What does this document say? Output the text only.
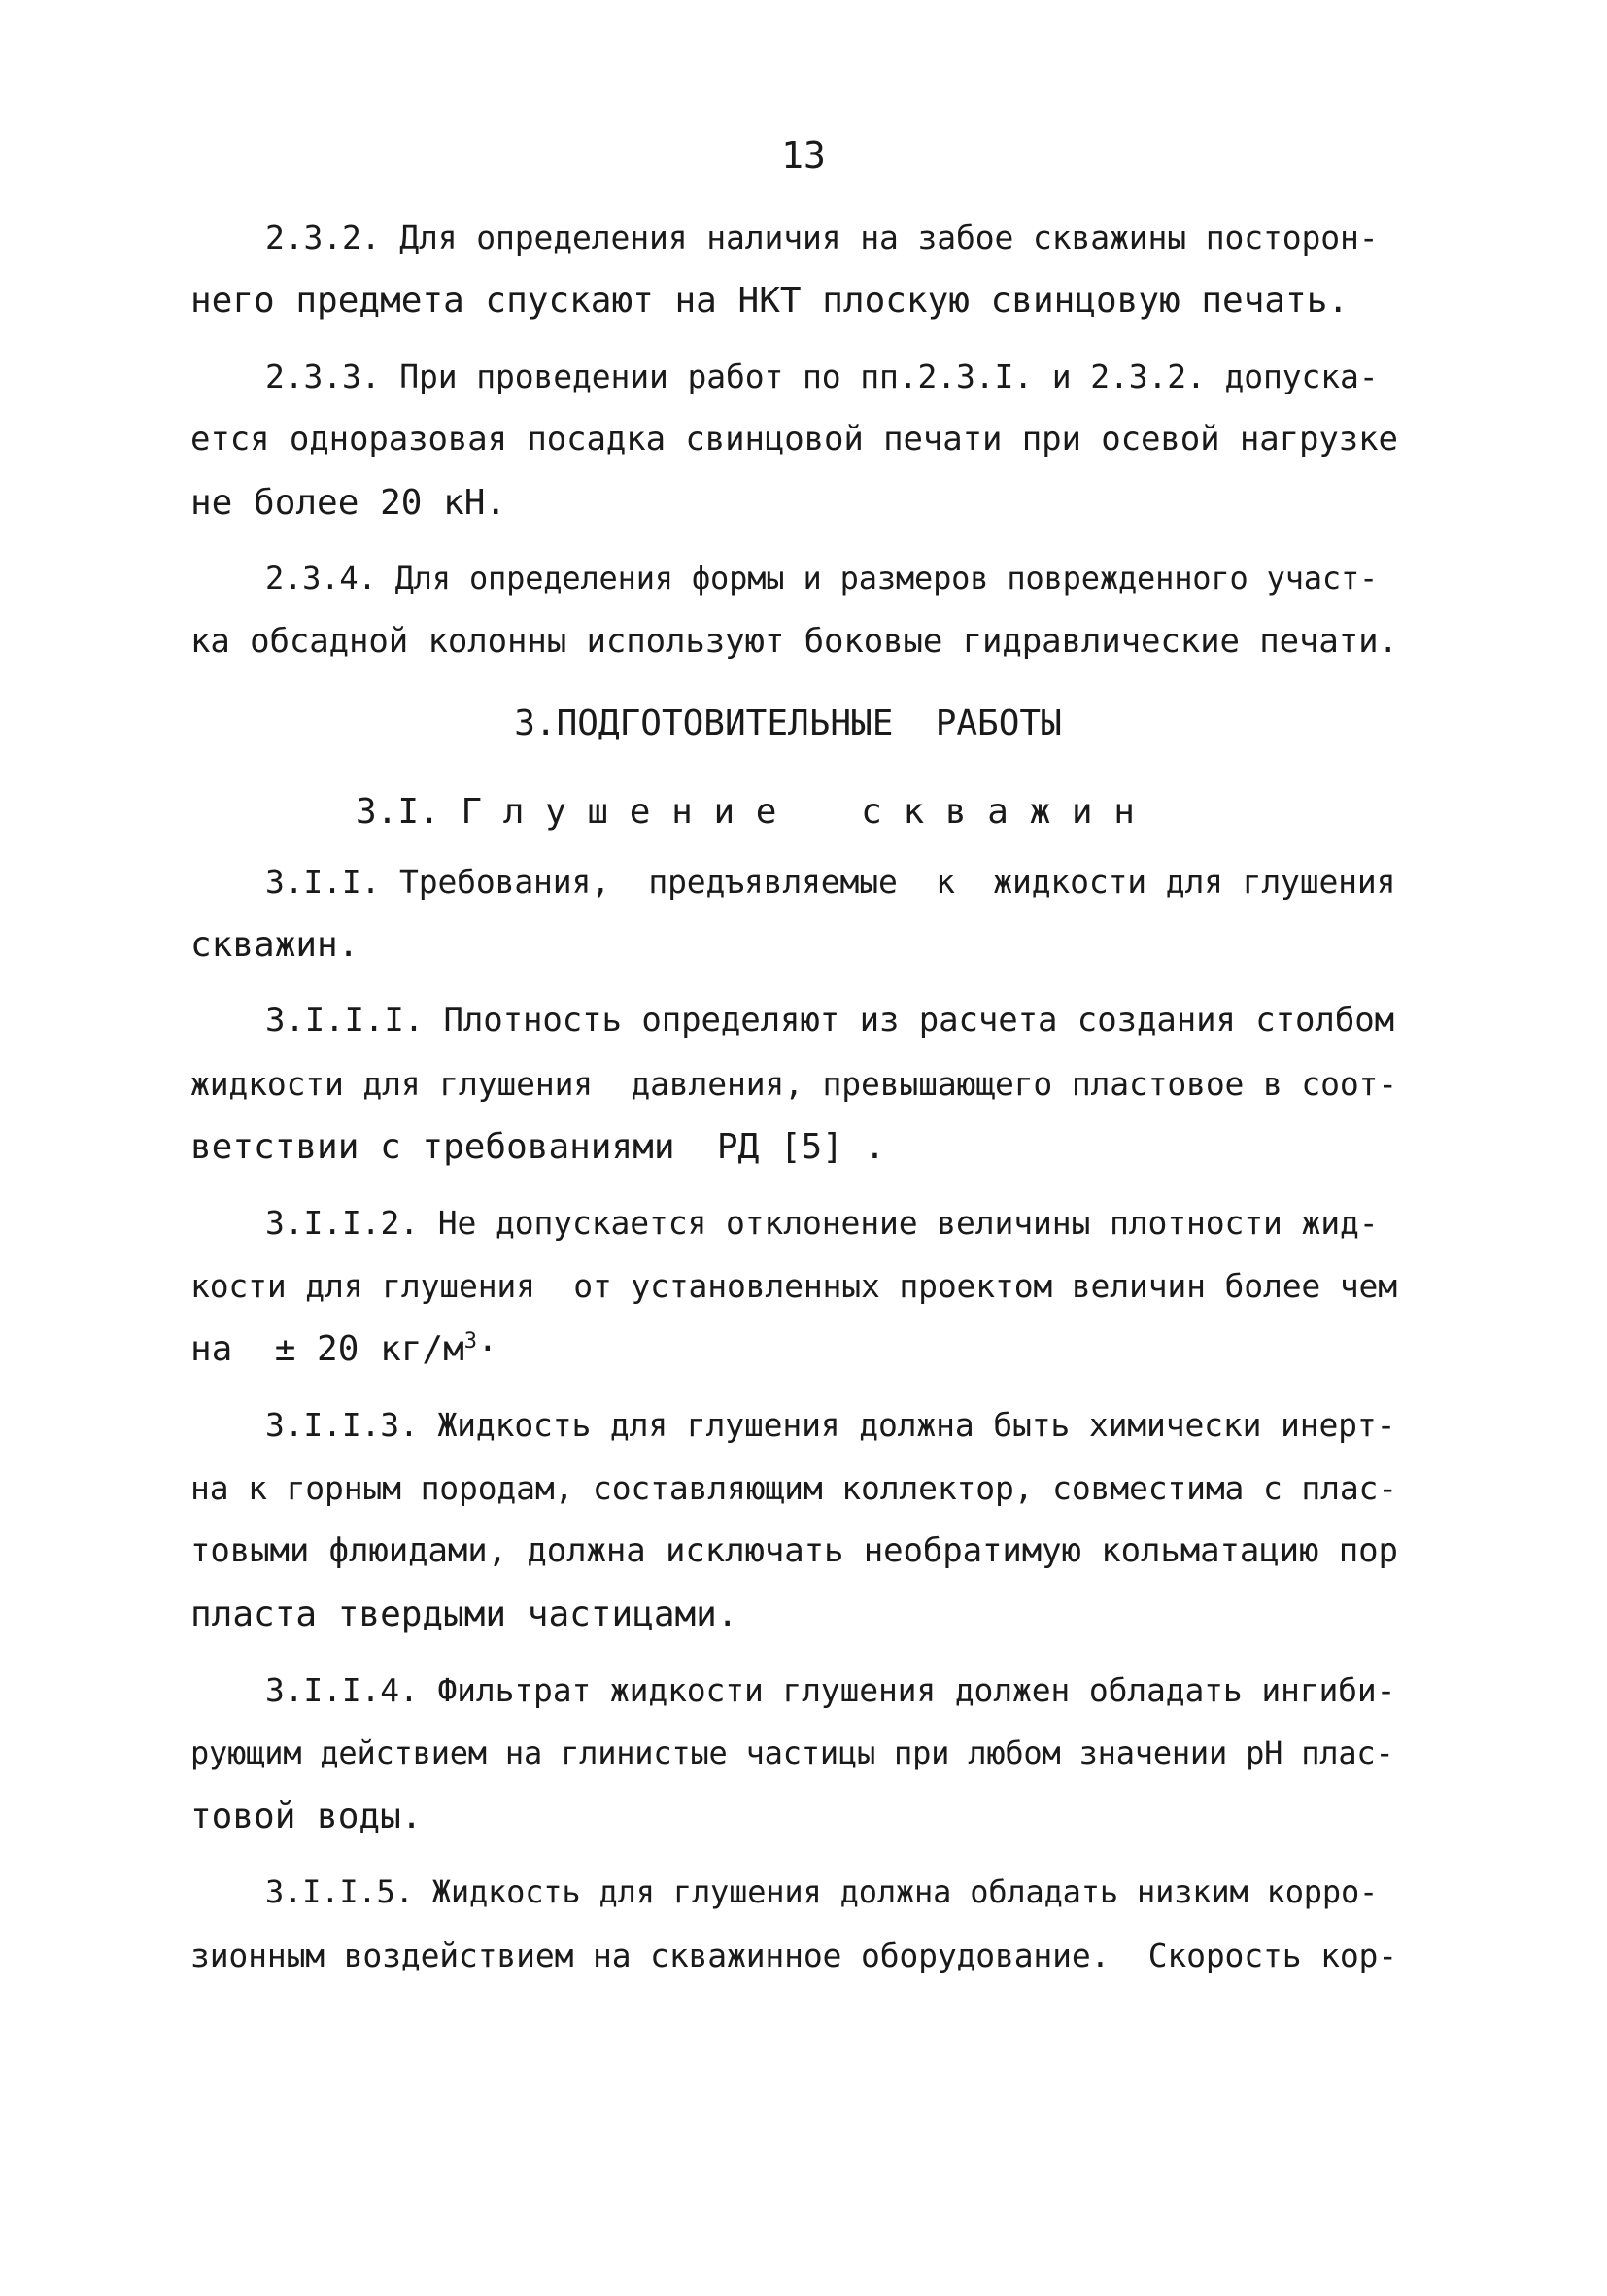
13

2.3.2. Для определения наличия на забое скважины посторон-
него предмета спускают на НКТ плоскую свинцовую печать.

2.3.3. При проведении работ по пп.2.3.I. и 2.3.2. допуска-
ется одноразовая посадка свинцовой печати при осевой нагрузке
не более 20 кН.

2.3.4. Для определения формы и размеров поврежденного участ-
ка обсадной колонны используют боковые гидравлические печати.

3.ПОДГОТОВИТЕЛЬНЫЕ  РАБОТЫ

3.I. Г л у ш е н и е    с к в а ж и н

3.I.I. Требования,  предъявляемые  к  жидкости для глушения
скважин.

3.I.I.I. Плотность определяют из расчета создания столбом
жидкости для глушения  давления, превышающего пластовое в соот-
ветствии с требованиями  РД [5] .

3.I.I.2. Не допускается отклонение величины плотности жид-
кости для глушения  от установленных проектом величин более чем
на  ± 20 $кг/м^3\cdot$

3.I.I.3. Жидкость для глушения должна быть химически инерт-
на к горным породам, составляющим коллектор, совместима с плас-
товыми флюидами, должна исключать необратимую кольматацию пор
пласта твердыми частицами.

3.I.I.4. Фильтрат жидкости глушения должен обладать ингиби-
рующим действием на глинистые частицы при любом значении рН плас-
товой воды.

3.I.I.5. Жидкость для глушения должна обладать низким корро-
зионным воздействием на скважинное оборудование.  Скорость кор-
